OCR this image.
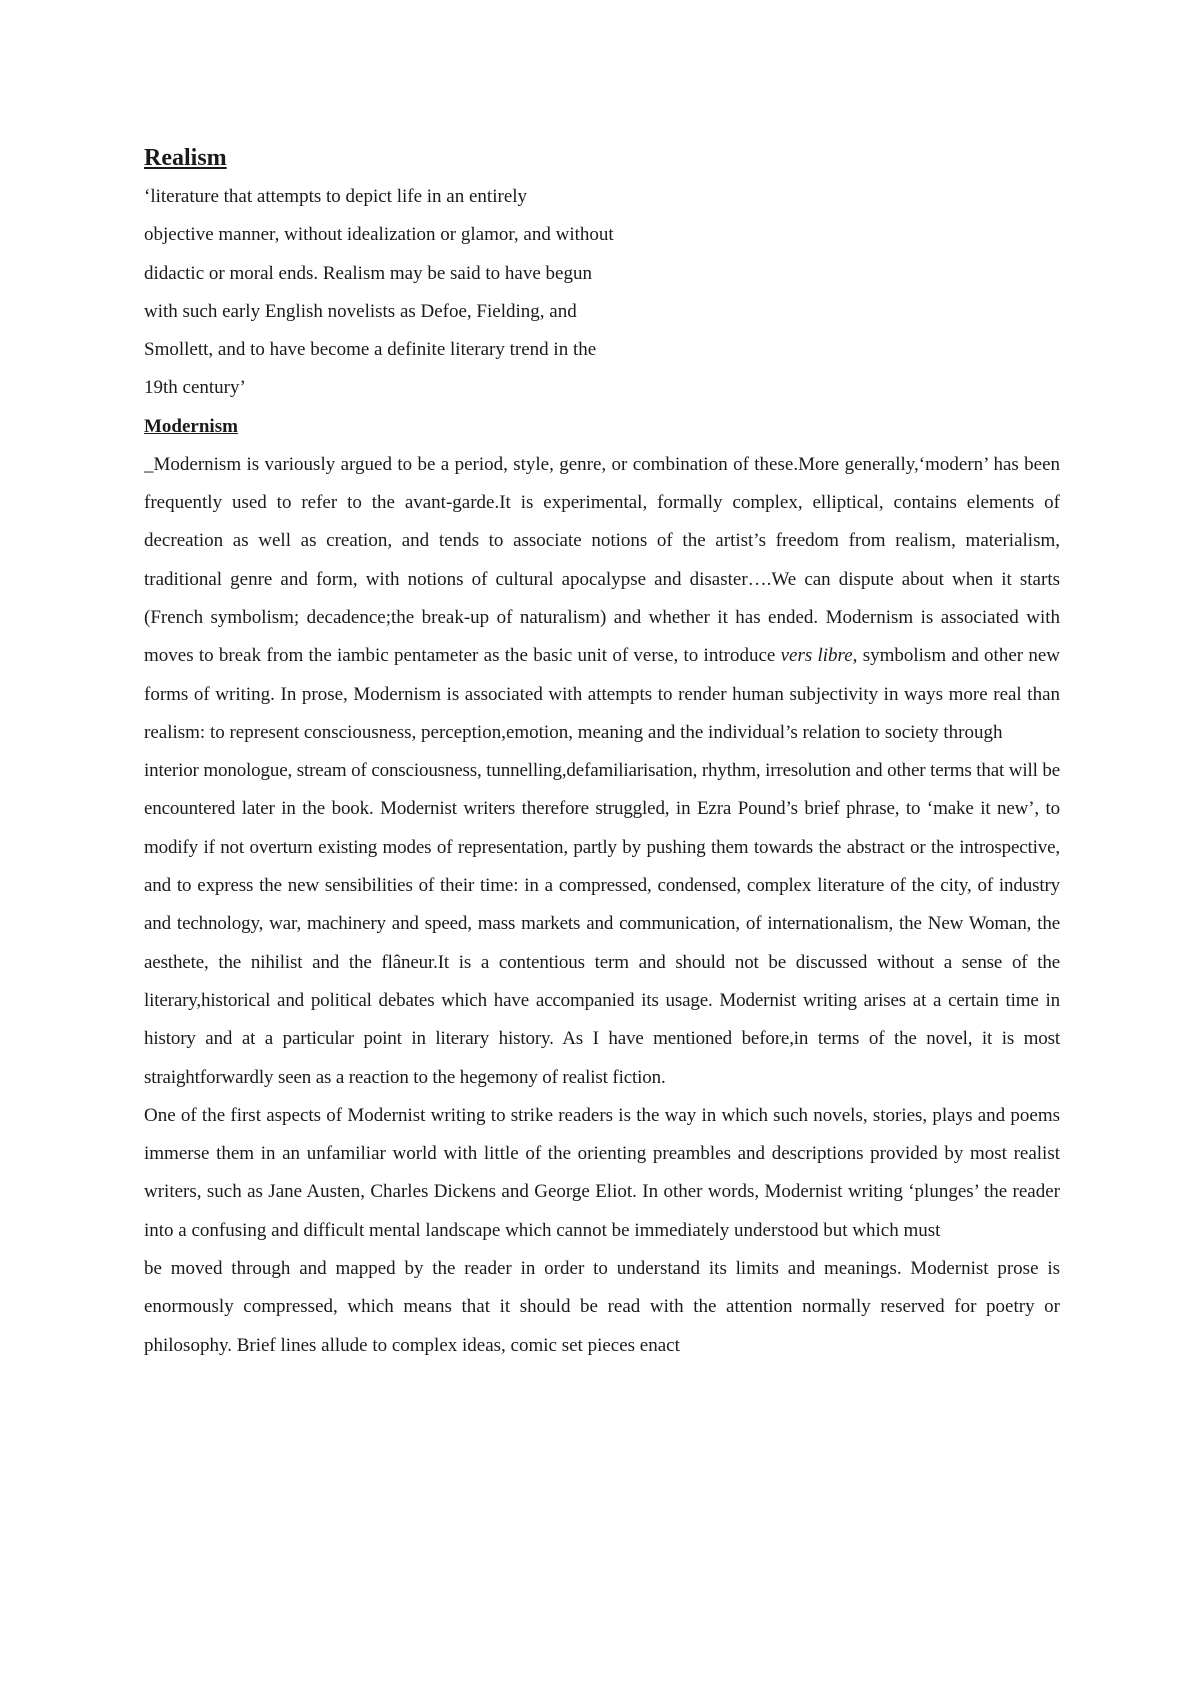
Realism
‘literature that attempts to depict life in an entirely
objective manner, without idealization or glamor, and without
didactic or moral ends. Realism may be said to have begun
with such early English novelists as Defoe, Fielding, and
Smollett, and to have become a definite literary trend in the
19th century’
Modernism

_Modernism is variously argued to be a period, style, genre, or combination of these.More generally,‘modern’ has been frequently used to refer to the avant-garde.It is experimental, formally complex, elliptical, contains elements of decreation as well as creation, and tends to associate notions of the artist’s freedom from realism, materialism, traditional genre and form, with notions of cultural apocalypse and disaster….We can dispute about when it starts (French symbolism; decadence;the break-up of naturalism) and whether it has ended. Modernism is associated with moves to break from the iambic pentameter as the basic unit of verse, to introduce vers libre, symbolism and other new forms of writing. In prose, Modernism is associated with attempts to render human subjectivity in ways more real than realism: to represent consciousness, perception,emotion, meaning and the individual’s relation to society through

interior monologue, stream of consciousness, tunnelling,defamiliarisation, rhythm, irresolution and other terms that will be encountered later in the book. Modernist writers therefore struggled, in Ezra Pound’s brief phrase, to ‘make it new’, to modify if not overturn existing modes of representation, partly by pushing them towards the abstract or the introspective, and to express the new sensibilities of their time: in a compressed, condensed, complex literature of the city, of industry and technology, war, machinery and speed, mass markets and communication, of internationalism, the New Woman, the aesthete, the nihilist and the flâneur.It is a contentious term and should not be discussed without a sense of the literary,historical and political debates which have accompanied its usage. Modernist writing arises at a certain time in history and at a particular point in literary history. As I have mentioned before,in terms of the novel, it is most straightforwardly seen as a reaction to the hegemony of realist fiction.

One of the first aspects of Modernist writing to strike readers is the way in which such novels, stories, plays and poems immerse them in an unfamiliar world with little of the orienting preambles and descriptions provided by most realist writers, such as Jane Austen, Charles Dickens and George Eliot. In other words, Modernist writing ‘plunges’ the reader into a confusing and difficult mental landscape which cannot be immediately understood but which must

be moved through and mapped by the reader in order to understand its limits and meanings. Modernist prose is enormously compressed, which means that it should be read with the attention normally reserved for poetry or philosophy. Brief lines allude to complex ideas, comic set pieces enact
